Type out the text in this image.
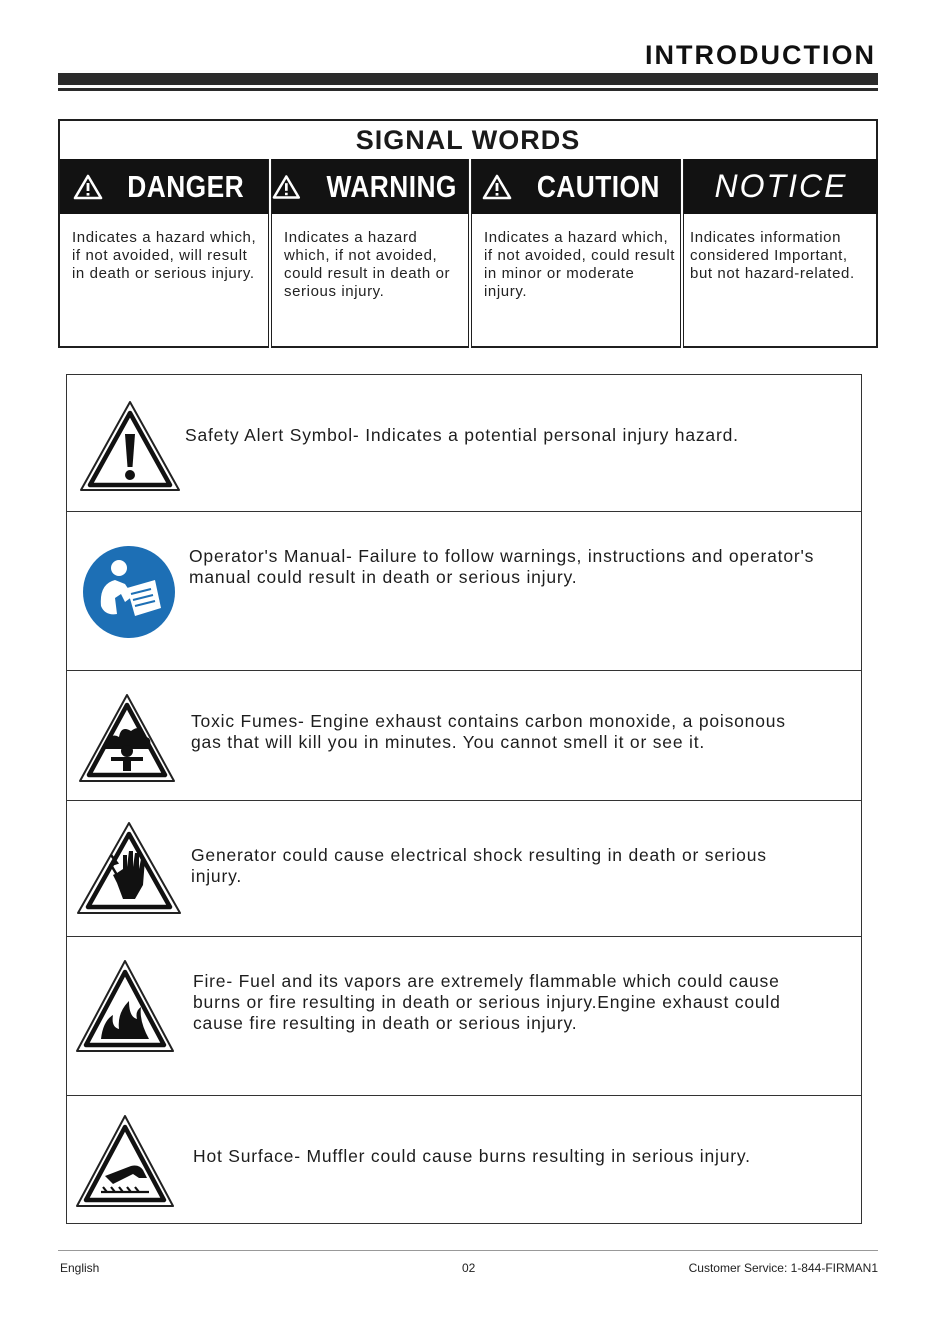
INTRODUCTION
SIGNAL WORDS
DANGER
Indicates a hazard which, if not avoided, will result in death or serious injury.
WARNING
Indicates a hazard which, if not avoided, could result in death or serious injury.
CAUTION
Indicates a hazard which, if not avoided, could result in minor or moderate injury.
NOTICE
Indicates information considered Important, but not hazard-related.
Safety Alert Symbol- Indicates a potential personal injury hazard.
Operator's Manual- Failure to follow warnings, instructions and operator's manual could result in death or serious injury.
Toxic Fumes- Engine exhaust contains carbon monoxide, a poisonous gas that will kill you in minutes. You cannot smell it or see it.
Generator could cause electrical shock resulting in death or serious injury.
Fire- Fuel and its vapors are extremely flammable which could cause burns or fire resulting in death or serious injury.Engine exhaust could cause fire resulting in death or serious injury.
Hot Surface- Muffler could cause burns resulting in serious injury.
English	02	Customer Service: 1-844-FIRMAN1
